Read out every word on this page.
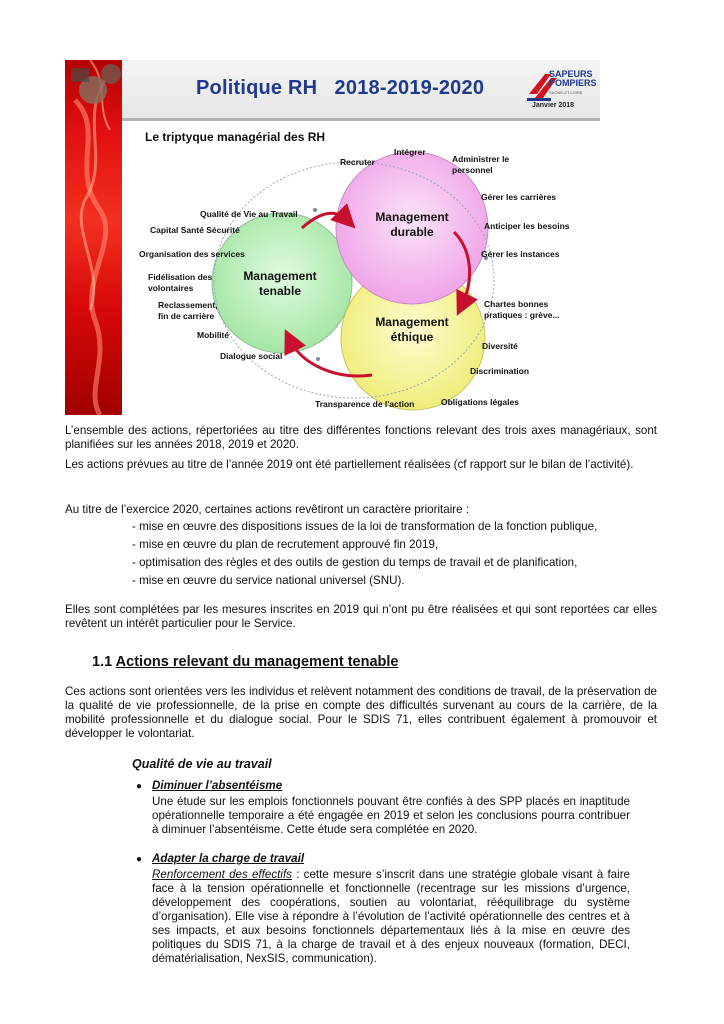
Politique RH   2018-2019-2020
SAPEURS
POMPIERS
SAÔNE-ET-LOIRE
Janvier 2018
Le triptyque managérial des RH
Management durable
Management tenable
Management éthique
Intégrer
Recruter	Administrer le personnel
Gérer les carrières
Anticiper les besoins
Gérer les instances
Chartes bonnes pratiques : grève...
Diversité
Discrimination
Obligations légales
Transparence de l'action
Dialogue social
Mobilité
Reclassement, fin de carrière
Fidélisation des volontaires
Organisation des services
Capital Santé Sécurité
Qualité de Vie au Travail
L’ensemble des actions, répertoriées au titre des différentes fonctions relevant des trois axes managériaux, sont planifiées sur les années 2018, 2019 et 2020.
Les actions prévues au titre de l’année 2019 ont été partiellement réalisées (cf rapport sur le bilan de l’activité).
Au titre de l’exercice 2020, certaines actions revêtiront un caractère prioritaire :
- mise en œuvre des dispositions issues de la loi de transformation de la fonction publique,
- mise en œuvre du plan de recrutement approuvé fin 2019,
- optimisation des règles et des outils de gestion du temps de travail et de planification,
- mise en œuvre du service national universel (SNU).
Elles sont complétées par les mesures inscrites en 2019 qui n’ont pu être réalisées et qui sont reportées car elles revêtent un intérêt particulier pour le Service.
1.1 Actions relevant du management tenable
Ces actions sont orientées vers les individus et relèvent notamment des conditions de travail, de la préservation de la qualité de vie professionnelle, de la prise en compte des difficultés survenant au cours de la carrière, de la mobilité professionnelle et du dialogue social. Pour le SDIS 71, elles contribuent également à promouvoir et développer le volontariat.
Qualité de vie au travail
● Diminuer l’absentéisme
Une étude sur les emplois fonctionnels pouvant être confiés à des SPP placés en inaptitude opérationnelle temporaire a été engagée en 2019 et selon les conclusions pourra contribuer à diminuer l’absentéisme. Cette étude sera complétée en 2020.
● Adapter la charge de travail
Renforcement des effectifs : cette mesure s’inscrit dans une stratégie globale visant à faire face à la tension opérationnelle et fonctionnelle (recentrage sur les missions d’urgence, développement des coopérations, soutien au volontariat, rééquilibrage du système d’organisation). Elle vise à répondre à l’évolution de l’activité opérationnelle des centres et à ses impacts, et aux besoins fonctionnels départementaux liés à la mise en œuvre des politiques du SDIS 71, à la charge de travail et à des enjeux nouveaux (formation, DECI, dématérialisation, NexSIS, communication).
